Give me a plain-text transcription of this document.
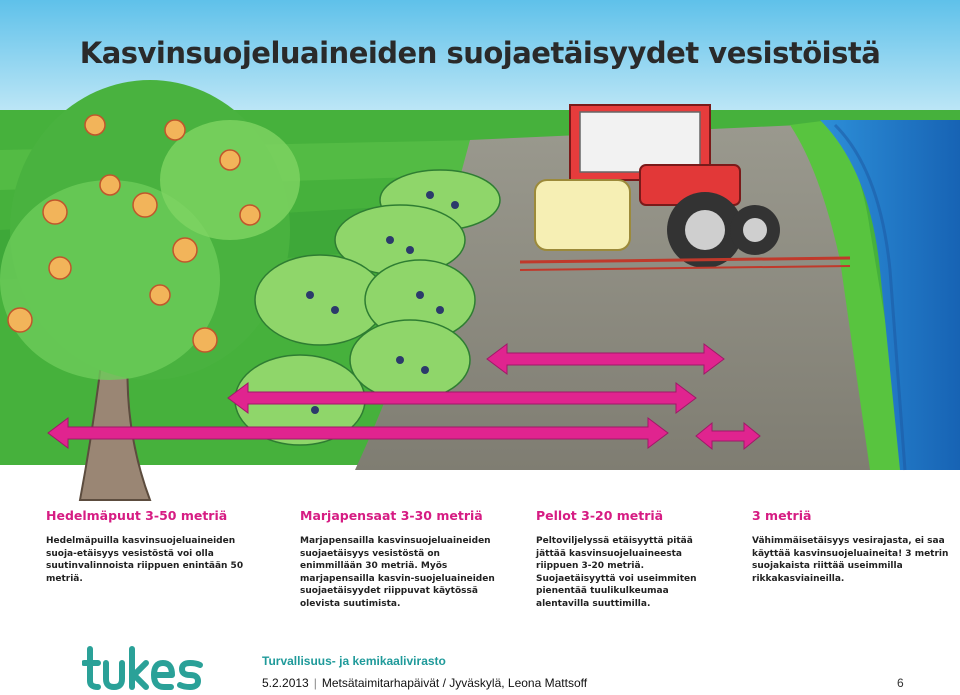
Kasvinsuojeluaineiden suojaetäisyydet vesistöistä
Hedelmäpuut 3-50 metriä

Hedelmäpuilla kasvinsuojeluaineiden suoja-etäisyys vesistöstä voi olla suutinvalinnoista riippuen enintään 50 metriä.

Marjapensaat 3-30 metriä

Marjapensailla kasvinsuojeluaineiden suojaetäisyys vesistöstä on enimmillään 30 metriä. Myös marjapensailla kasvin-suojeluaineiden suojaetäisyydet riippuvat käytössä olevista suutimista.

Pellot 3-20 metriä

Peltoviljelyssä etäisyyttä pitää jättää kasvinsuojeluaineesta riippuen 3-20 metriä. Suojaetäisyyttä voi useimmiten pienentää tuulikulkeumaa alentavilla suuttimilla.

3 metriä

Vähimmäisetäisyys vesirajasta, ei saa käyttää kasvinsuojeluaineita! 3 metrin suojakaista riittää useimmilla rikkakasviaineilla.

Turvallisuus- ja kemikaalivirasto
5.2.2013 | Metsätaimitarhapäivät / Jyväskylä, Leona Mattsoff	6
